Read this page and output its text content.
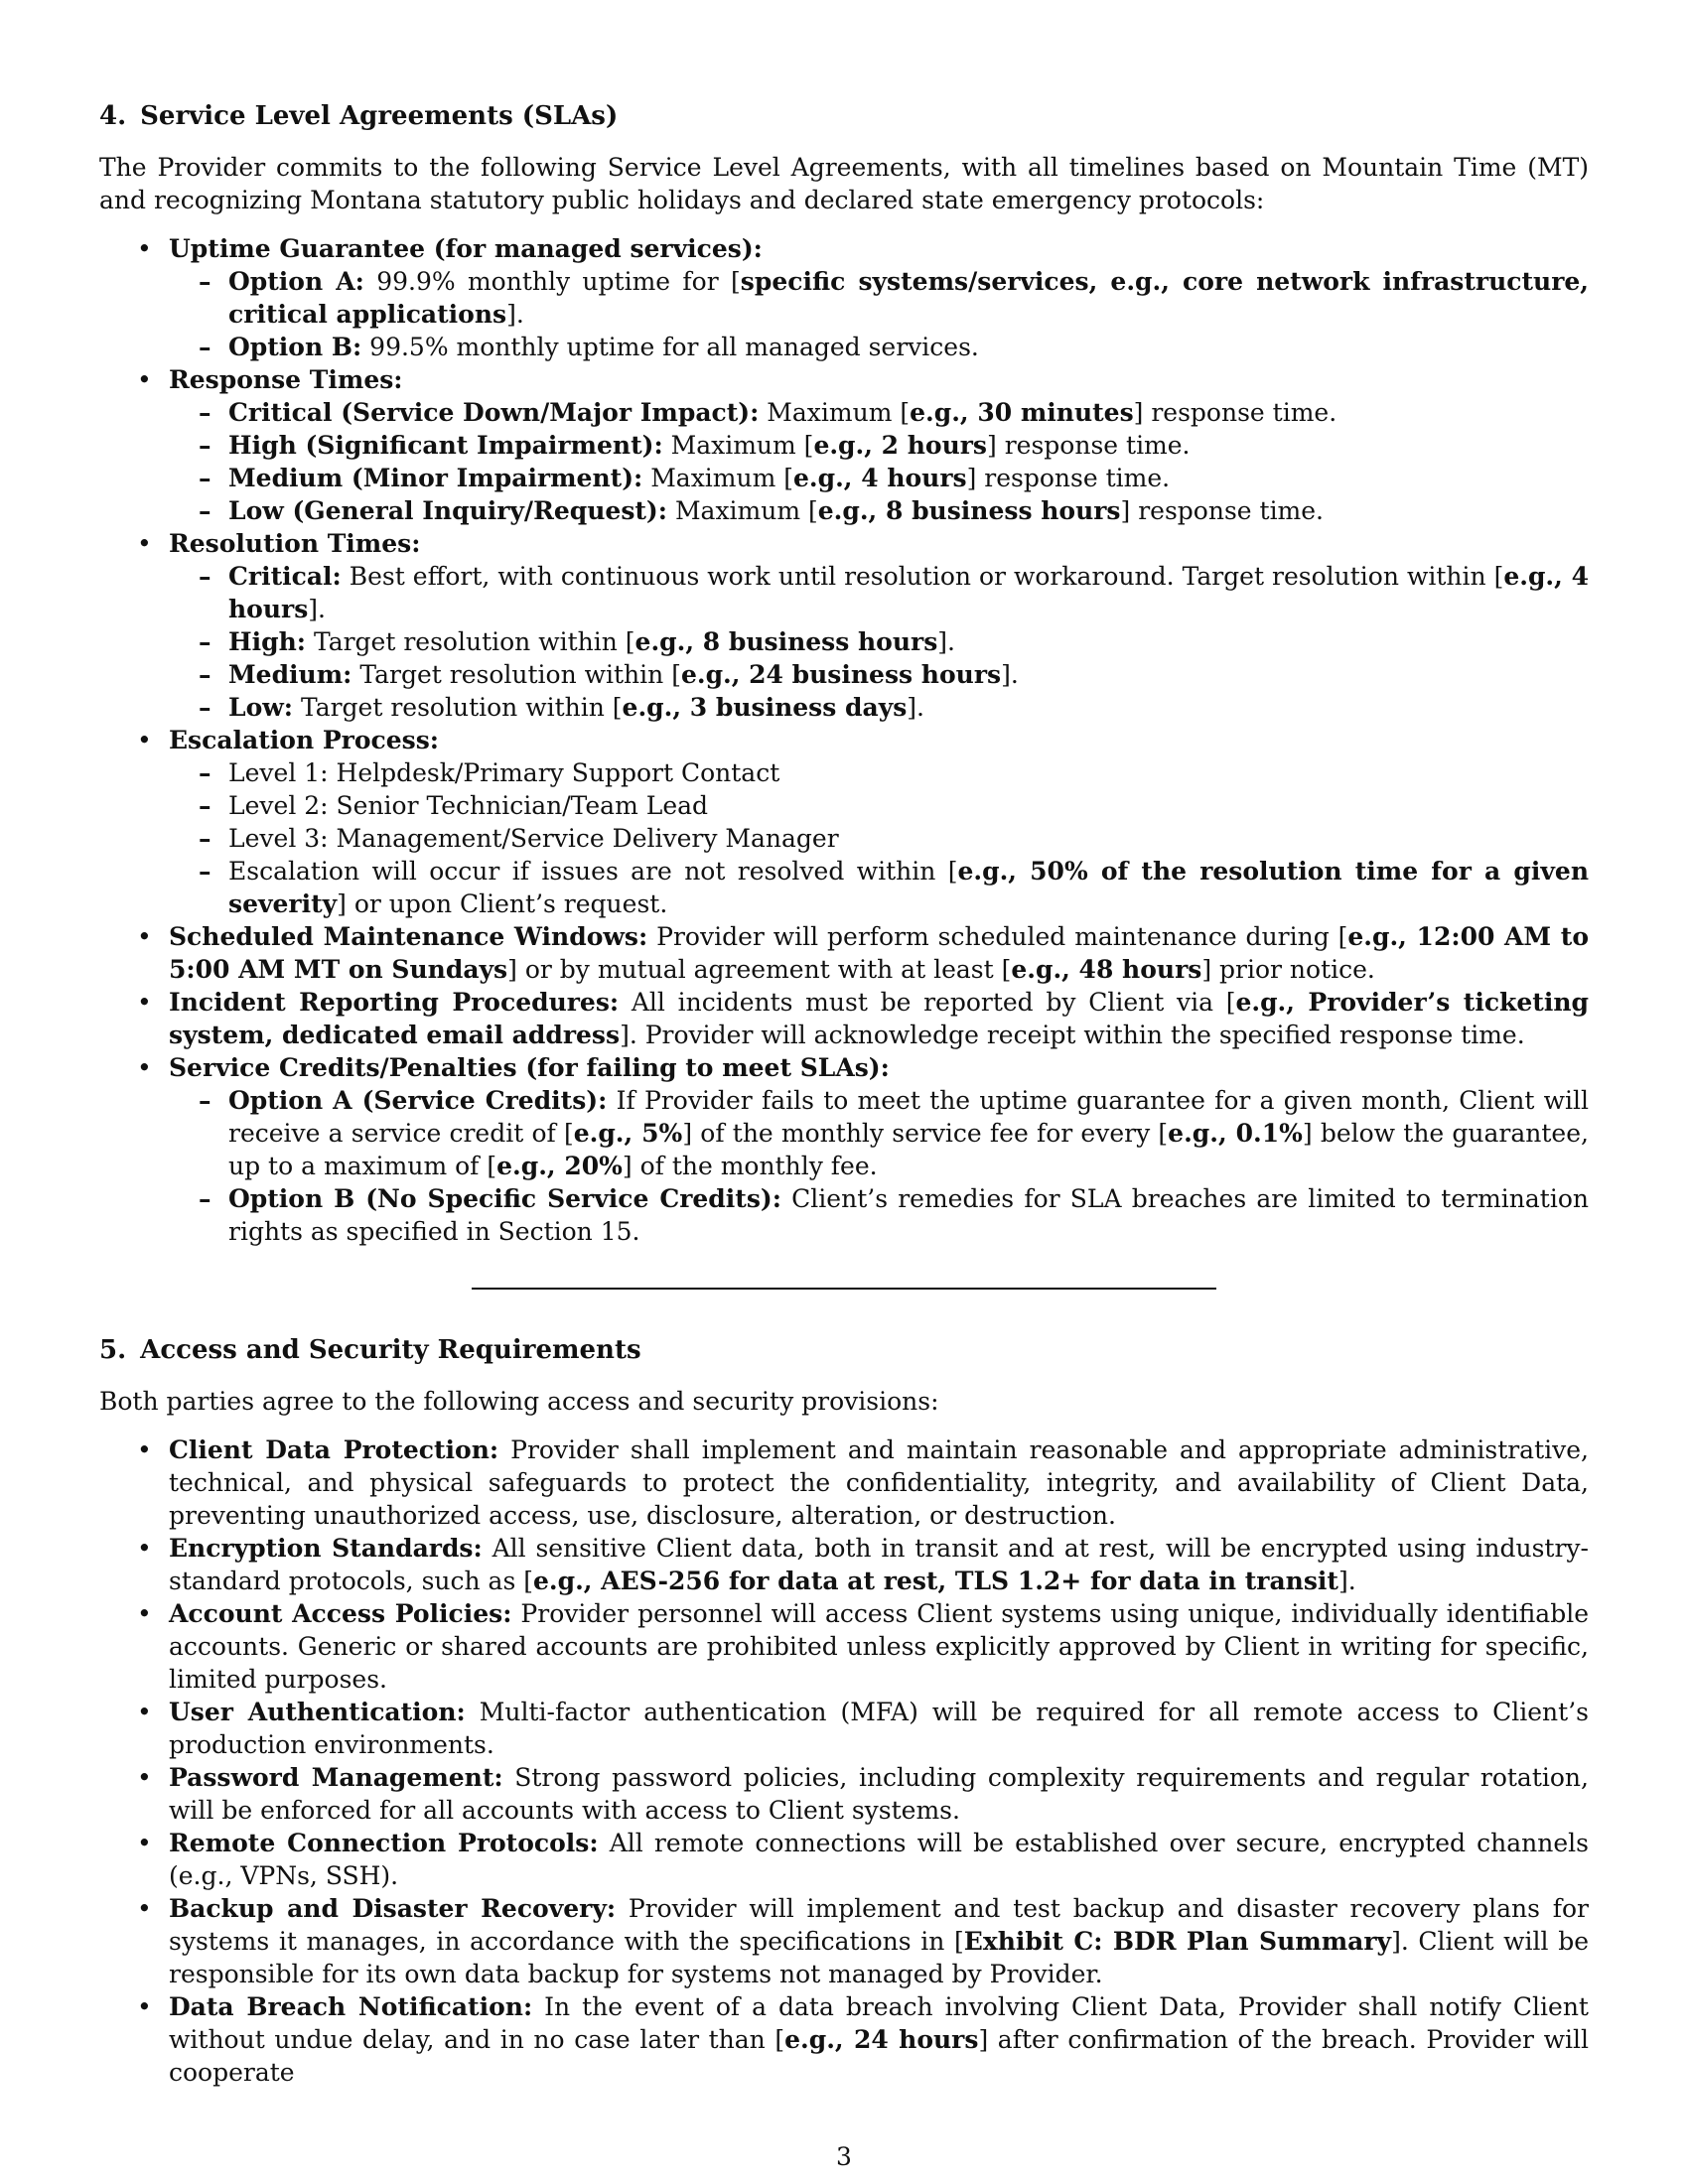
4. Service Level Agreements (SLAs)

The Provider commits to the following Service Level Agreements, with all timelines based on Mountain Time (MT) and recognizing Montana statutory public holidays and declared state emergency protocols:

• Uptime Guarantee (for managed services):
– Option A: 99.9% monthly uptime for [specific systems/services, e.g., core network infrastructure, critical applications].
– Option B: 99.5% monthly uptime for all managed services.
• Response Times:
– Critical (Service Down/Major Impact): Maximum [e.g., 30 minutes] response time.
– High (Significant Impairment): Maximum [e.g., 2 hours] response time.
– Medium (Minor Impairment): Maximum [e.g., 4 hours] response time.
– Low (General Inquiry/Request): Maximum [e.g., 8 business hours] response time.
• Resolution Times:
– Critical: Best effort, with continuous work until resolution or workaround. Target resolution within [e.g., 4 hours].
– High: Target resolution within [e.g., 8 business hours].
– Medium: Target resolution within [e.g., 24 business hours].
– Low: Target resolution within [e.g., 3 business days].
• Escalation Process:
– Level 1: Helpdesk/Primary Support Contact
– Level 2: Senior Technician/Team Lead
– Level 3: Management/Service Delivery Manager
– Escalation will occur if issues are not resolved within [e.g., 50% of the resolution time for a given severity] or upon Client’s request.
• Scheduled Maintenance Windows: Provider will perform scheduled maintenance during [e.g., 12:00 AM to 5:00 AM MT on Sundays] or by mutual agreement with at least [e.g., 48 hours] prior notice.
• Incident Reporting Procedures: All incidents must be reported by Client via [e.g., Provider’s ticketing system, dedicated email address]. Provider will acknowledge receipt within the specified response time.
• Service Credits/Penalties (for failing to meet SLAs):
– Option A (Service Credits): If Provider fails to meet the uptime guarantee for a given month, Client will receive a service credit of [e.g., 5%] of the monthly service fee for every [e.g., 0.1%] below the guarantee, up to a maximum of [e.g., 20%] of the monthly fee.
– Option B (No Specific Service Credits): Client’s remedies for SLA breaches are limited to termination rights as specified in Section 15.
5. Access and Security Requirements

Both parties agree to the following access and security provisions:

• Client Data Protection: Provider shall implement and maintain reasonable and appropriate administrative, technical, and physical safeguards to protect the confidentiality, integrity, and availability of Client Data, preventing unauthorized access, use, disclosure, alteration, or destruction.
• Encryption Standards: All sensitive Client data, both in transit and at rest, will be encrypted using industry-standard protocols, such as [e.g., AES-256 for data at rest, TLS 1.2+ for data in transit].
• Account Access Policies: Provider personnel will access Client systems using unique, individually identifiable accounts. Generic or shared accounts are prohibited unless explicitly approved by Client in writing for specific, limited purposes.
• User Authentication: Multi-factor authentication (MFA) will be required for all remote access to Client’s production environments.
• Password Management: Strong password policies, including complexity requirements and regular rotation, will be enforced for all accounts with access to Client systems.
• Remote Connection Protocols: All remote connections will be established over secure, encrypted channels (e.g., VPNs, SSH).
• Backup and Disaster Recovery: Provider will implement and test backup and disaster recovery plans for systems it manages, in accordance with the specifications in [Exhibit C: BDR Plan Summary]. Client will be responsible for its own data backup for systems not managed by Provider.
• Data Breach Notification: In the event of a data breach involving Client Data, Provider shall notify Client without undue delay, and in no case later than [e.g., 24 hours] after confirmation of the breach. Provider will cooperate
3
